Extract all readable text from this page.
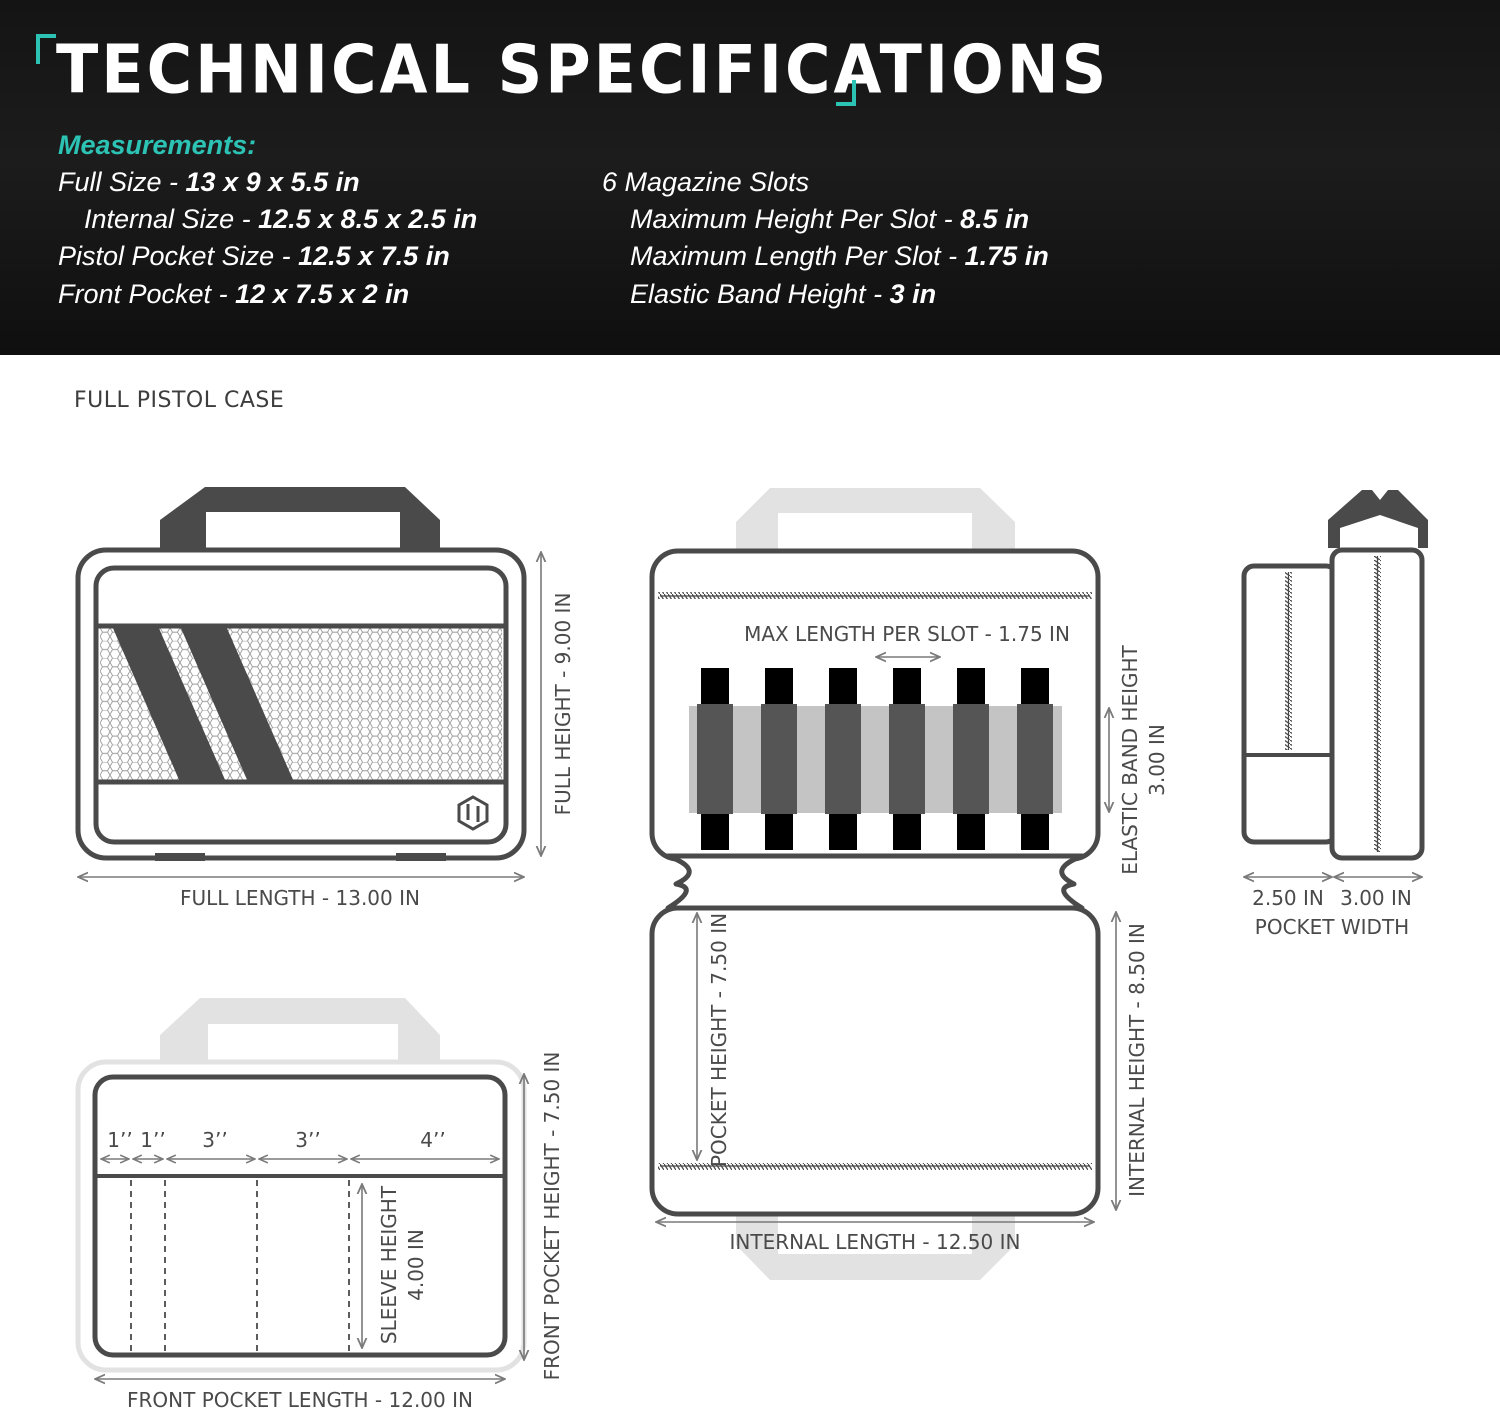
TECHNICAL SPECIFICATIONS

Measurements:

Full Size - 13 x 9 x 5.5 in
Internal Size - 12.5 x 8.5 x 2.5 in
Pistol Pocket Size - 12.5 x 7.5 in
Front Pocket - 12 x 7.5 x 2 in
6 Magazine Slots
Maximum Height Per Slot - 8.5 in
Maximum Length Per Slot - 1.75 in
Elastic Band Height - 3 in

FULL PISTOL CASE

FULL HEIGHT - 9.00 IN
FULL LENGTH - 13.00 IN
MAX LENGTH PER SLOT - 1.75 IN
ELASTIC BAND HEIGHT 3.00 IN
POCKET HEIGHT - 7.50 IN	INTERNAL HEIGHT - 8.50 IN
INTERNAL LENGTH - 12.50 IN
2.50 IN 3.00 IN
POCKET WIDTH
1’’ 1’’ 3’’	3’’	4’’
SLEEVE HEIGHT 4.00 IN	FRONT POCKET HEIGHT - 7.50 IN
FRONT POCKET LENGTH - 12.00 IN
